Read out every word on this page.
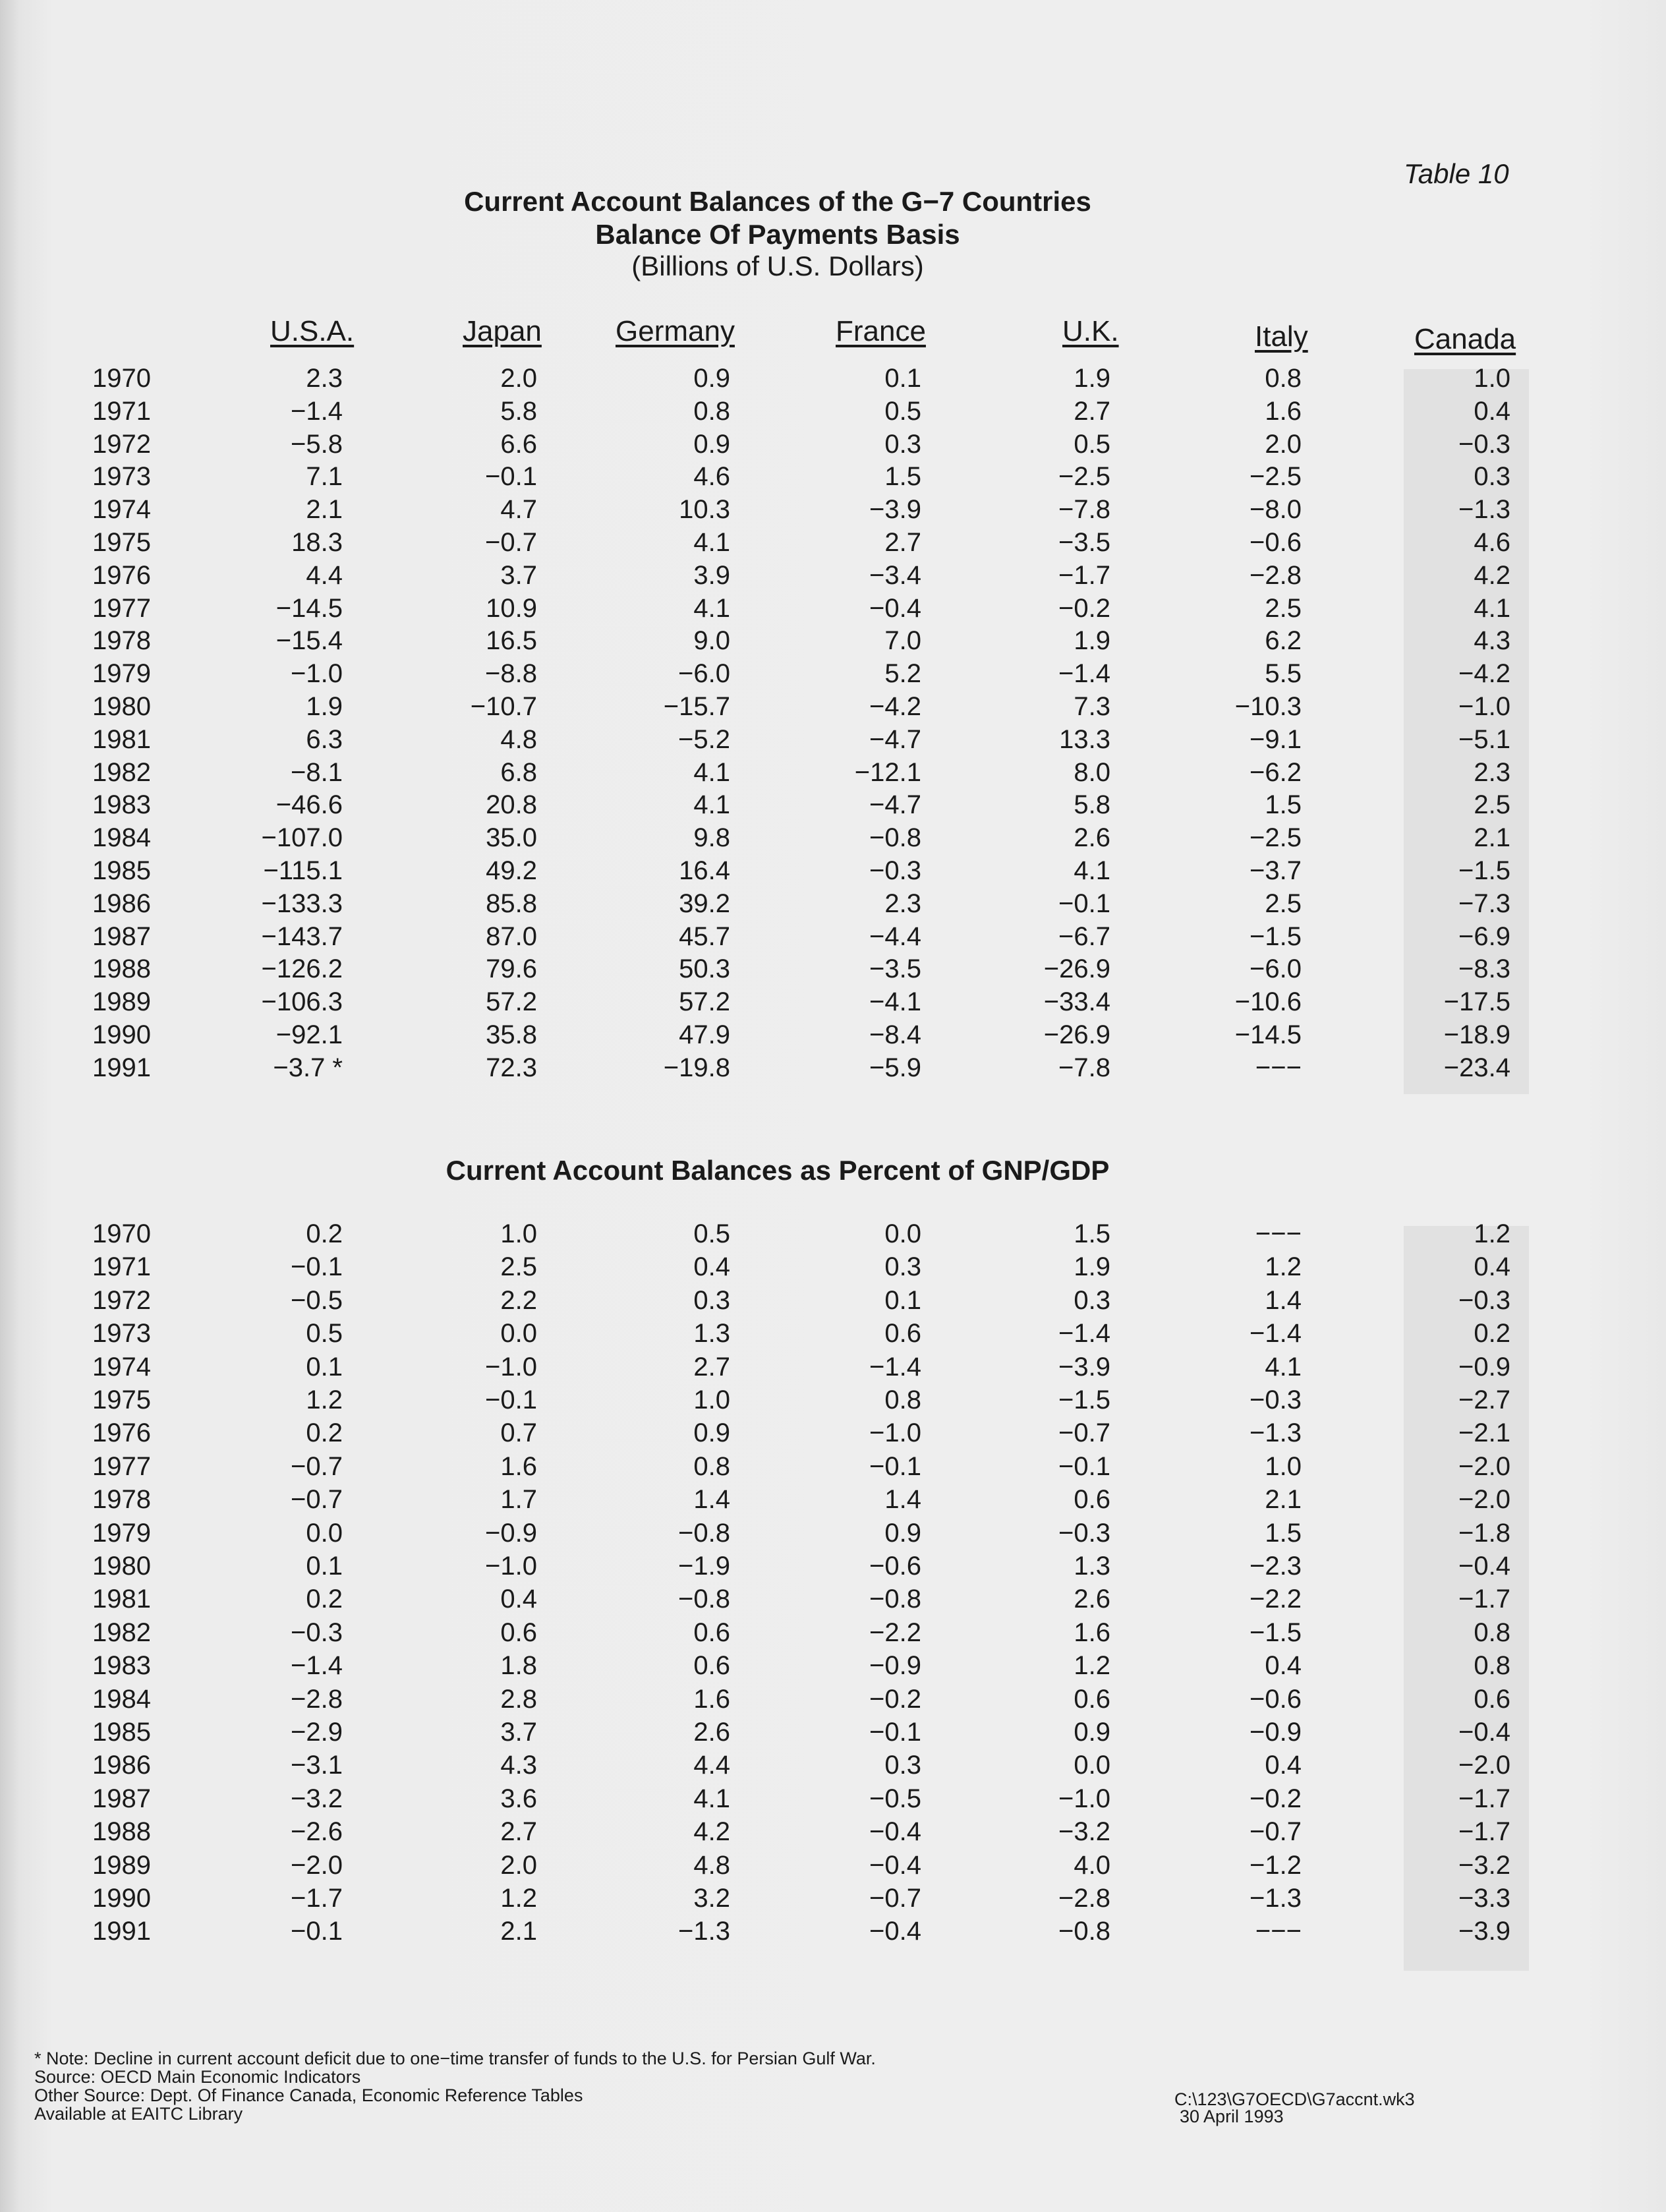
Table 10
Current Account Balances of the G−7 Countries
Balance Of Payments Basis
(Billions of U.S. Dollars)
U.S.A.	Japan	Germany	France	U.K.	Italy	Canada
1970	2.3	2.0	0.9	0.1	1.9	0.8	1.0
1971	−1.4	5.8	0.8	0.5	2.7	1.6	0.4
1972	−5.8	6.6	0.9	0.3	0.5	2.0	−0.3
1973	7.1	−0.1	4.6	1.5	−2.5	−2.5	0.3
1974	2.1	4.7	10.3	−3.9	−7.8	−8.0	−1.3
1975	18.3	−0.7	4.1	2.7	−3.5	−0.6	4.6
1976	4.4	3.7	3.9	−3.4	−1.7	−2.8	4.2
1977	−14.5	10.9	4.1	−0.4	−0.2	2.5	4.1
1978	−15.4	16.5	9.0	7.0	1.9	6.2	4.3
1979	−1.0	−8.8	−6.0	5.2	−1.4	5.5	−4.2
1980	1.9	−10.7	−15.7	−4.2	7.3	−10.3	−1.0
1981	6.3	4.8	−5.2	−4.7	13.3	−9.1	−5.1
1982	−8.1	6.8	4.1	−12.1	8.0	−6.2	2.3
1983	−46.6	20.8	4.1	−4.7	5.8	1.5	2.5
1984	−107.0	35.0	9.8	−0.8	2.6	−2.5	2.1
1985	−115.1	49.2	16.4	−0.3	4.1	−3.7	−1.5
1986	−133.3	85.8	39.2	2.3	−0.1	2.5	−7.3
1987	−143.7	87.0	45.7	−4.4	−6.7	−1.5	−6.9
1988	−126.2	79.6	50.3	−3.5	−26.9	−6.0	−8.3
1989	−106.3	57.2	57.2	−4.1	−33.4	−10.6	−17.5
1990	−92.1	35.8	47.9	−8.4	−26.9	−14.5	−18.9
1991	−3.7 *	72.3	−19.8	−5.9	−7.8	−−−	−23.4
Current Account Balances as Percent of GNP/GDP
1970	0.2	1.0	0.5	0.0	1.5	−−−	1.2
1971	−0.1	2.5	0.4	0.3	1.9	1.2	0.4
1972	−0.5	2.2	0.3	0.1	0.3	1.4	−0.3
1973	0.5	0.0	1.3	0.6	−1.4	−1.4	0.2
1974	0.1	−1.0	2.7	−1.4	−3.9	4.1	−0.9
1975	1.2	−0.1	1.0	0.8	−1.5	−0.3	−2.7
1976	0.2	0.7	0.9	−1.0	−0.7	−1.3	−2.1
1977	−0.7	1.6	0.8	−0.1	−0.1	1.0	−2.0
1978	−0.7	1.7	1.4	1.4	0.6	2.1	−2.0
1979	0.0	−0.9	−0.8	0.9	−0.3	1.5	−1.8
1980	0.1	−1.0	−1.9	−0.6	1.3	−2.3	−0.4
1981	0.2	0.4	−0.8	−0.8	2.6	−2.2	−1.7
1982	−0.3	0.6	0.6	−2.2	1.6	−1.5	0.8
1983	−1.4	1.8	0.6	−0.9	1.2	0.4	0.8
1984	−2.8	2.8	1.6	−0.2	0.6	−0.6	0.6
1985	−2.9	3.7	2.6	−0.1	0.9	−0.9	−0.4
1986	−3.1	4.3	4.4	0.3	0.0	0.4	−2.0
1987	−3.2	3.6	4.1	−0.5	−1.0	−0.2	−1.7
1988	−2.6	2.7	4.2	−0.4	−3.2	−0.7	−1.7
1989	−2.0	2.0	4.8	−0.4	4.0	−1.2	−3.2
1990	−1.7	1.2	3.2	−0.7	−2.8	−1.3	−3.3
1991	−0.1	2.1	−1.3	−0.4	−0.8	−−−	−3.9
* Note: Decline in current account deficit due to one−time transfer of funds to the U.S. for Persian Gulf War.
Source: OECD Main Economic Indicators
Other Source: Dept. Of Finance Canada, Economic Reference Tables
Available at EAITC Library
C:\123\G7OECD\G7accnt.wk3
30 April 1993
